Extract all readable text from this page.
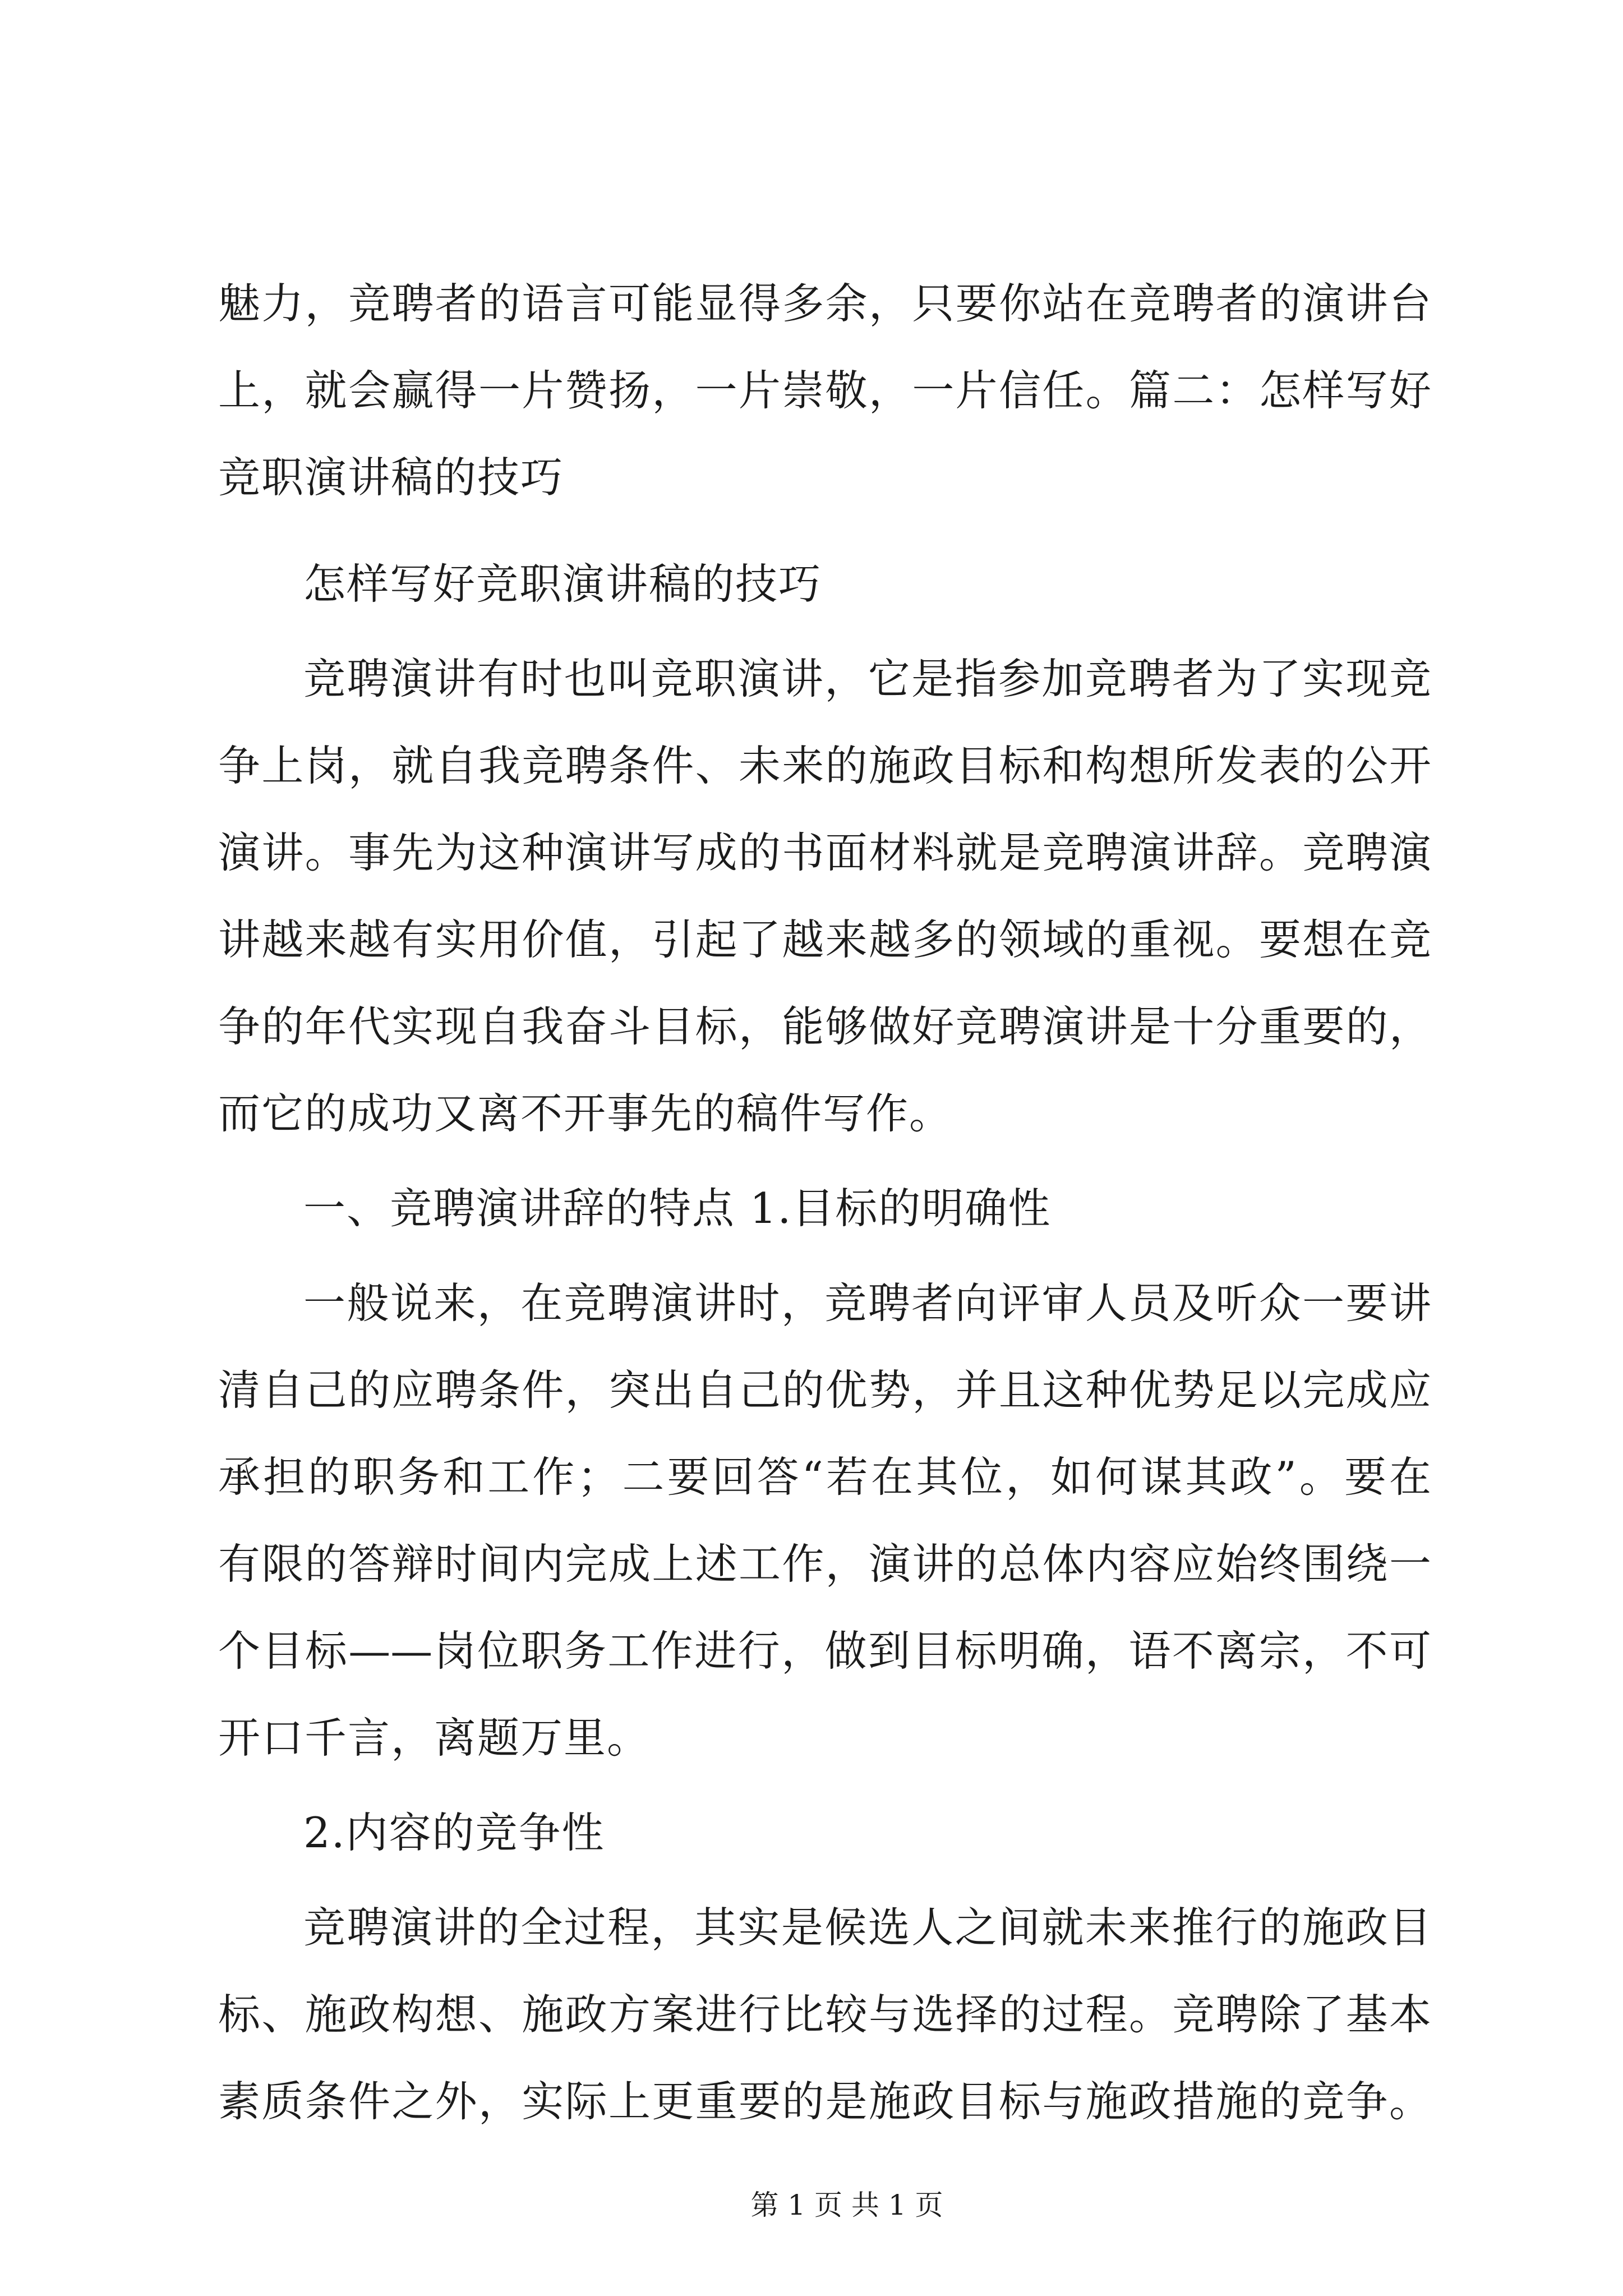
魅力，竞聘者的语言可能显得多余，只要你站在竞聘者的演讲台
上，就会赢得一片赞扬，一片崇敬，一片信任。篇二：怎样写好
竞职演讲稿的技巧
怎样写好竞职演讲稿的技巧
竞聘演讲有时也叫竞职演讲，它是指参加竞聘者为了实现竞
争上岗，就自我竞聘条件、未来的施政目标和构想所发表的公开
演讲。事先为这种演讲写成的书面材料就是竞聘演讲辞。竞聘演
讲越来越有实用价值，引起了越来越多的领域的重视。要想在竞
争的年代实现自我奋斗目标，能够做好竞聘演讲是十分重要的，
而它的成功又离不开事先的稿件写作。
一、竞聘演讲辞的特点 1.目标的明确性
一般说来，在竞聘演讲时，竞聘者向评审人员及听众一要讲
清自己的应聘条件，突出自己的优势，并且这种优势足以完成应
承担的职务和工作；二要回答“若在其位，如何谋其政”。要在
有限的答辩时间内完成上述工作，演讲的总体内容应始终围绕一
个目标——岗位职务工作进行，做到目标明确，语不离宗，不可
开口千言，离题万里。
2.内容的竞争性
竞聘演讲的全过程，其实是候选人之间就未来推行的施政目
标、施政构想、施政方案进行比较与选择的过程。竞聘除了基本
素质条件之外，实际上更重要的是施政目标与施政措施的竞争。
第 1 页 共 1 页
